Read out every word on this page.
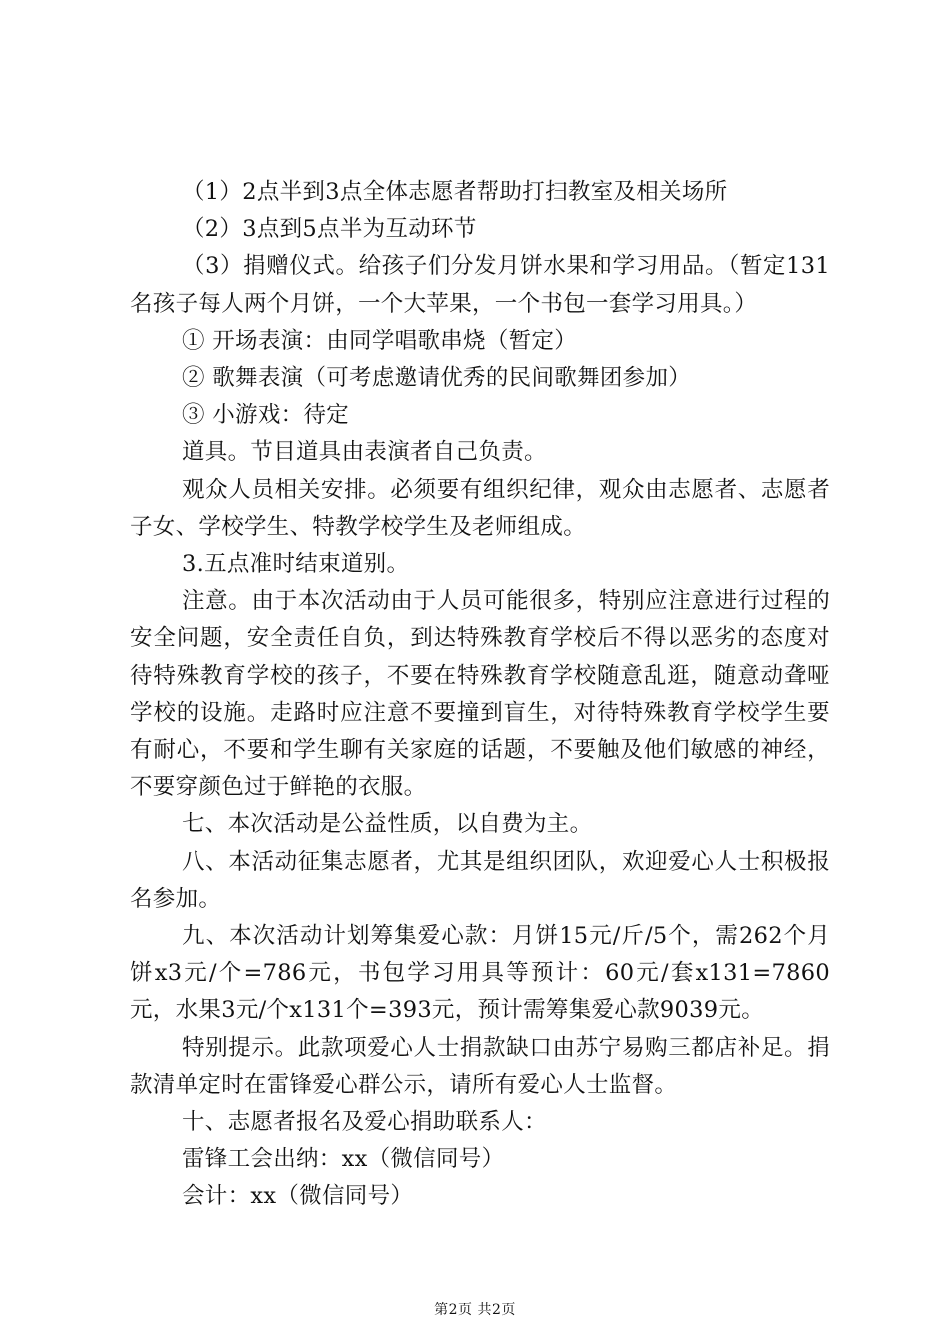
（1）2点半到3点全体志愿者帮助打扫教室及相关场所

（2）3点到5点半为互动环节

（3）捐赠仪式。给孩子们分发月饼水果和学习用品。（暂定131名孩子每人两个月饼，一个大苹果，一个书包一套学习用具。）

① 开场表演：由同学唱歌串烧（暂定）

② 歌舞表演（可考虑邀请优秀的民间歌舞团参加）

③ 小游戏：待定

道具。节目道具由表演者自己负责。

观众人员相关安排。必须要有组织纪律，观众由志愿者、志愿者子女、学校学生、特教学校学生及老师组成。

3.五点准时结束道别。

注意。由于本次活动由于人员可能很多，特别应注意进行过程的安全问题，安全责任自负，到达特殊教育学校后不得以恶劣的态度对待特殊教育学校的孩子，不要在特殊教育学校随意乱逛，随意动聋哑学校的设施。走路时应注意不要撞到盲生，对待特殊教育学校学生要有耐心，不要和学生聊有关家庭的话题，不要触及他们敏感的神经，不要穿颜色过于鲜艳的衣服。

七、本次活动是公益性质，以自费为主。

八、本活动征集志愿者，尤其是组织团队，欢迎爱心人士积极报名参加。

九、本次活动计划筹集爱心款：月饼15元/斤/5个，需262个月饼x3元/个=786元，书包学习用具等预计：60元/套x131=7860元，水果3元/个x131个=393元，预计需筹集爱心款9039元。

特别提示。此款项爱心人士捐款缺口由苏宁易购三都店补足。捐款清单定时在雷锋爱心群公示，请所有爱心人士监督。

十、志愿者报名及爱心捐助联系人：

雷锋工会出纳：xx（微信同号）

会计：xx（微信同号）

第2页 共2页
